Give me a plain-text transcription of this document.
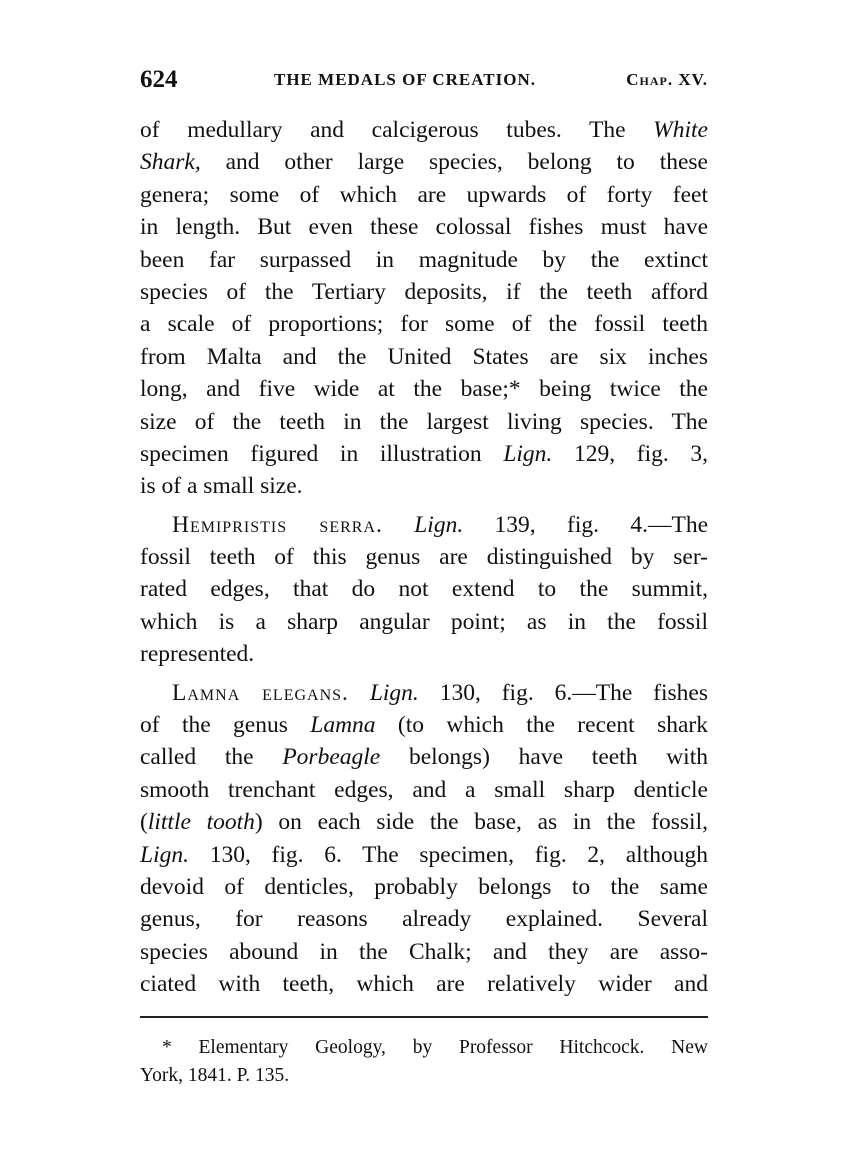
624	THE MEDALS OF CREATION.	Chap. XV.
of medullary and calcigerous tubes. The White
Shark, and other large species, belong to these
genera; some of which are upwards of forty feet
in length. But even these colossal fishes must have
been far surpassed in magnitude by the extinct
species of the Tertiary deposits, if the teeth afford
a scale of proportions; for some of the fossil teeth
from Malta and the United States are six inches
long, and five wide at the base;* being twice the
size of the teeth in the largest living species. The
specimen figured in illustration Lign. 129, fig. 3,
is of a small size.
Hemipristis serra. Lign. 139, fig. 4.—The
fossil teeth of this genus are distinguished by ser-
rated edges, that do not extend to the summit,
which is a sharp angular point; as in the fossil
represented.
Lamna elegans. Lign. 130, fig. 6.—The fishes
of the genus Lamna (to which the recent shark
called the Porbeagle belongs) have teeth with
smooth trenchant edges, and a small sharp denticle
(little tooth) on each side the base, as in the fossil,
Lign. 130, fig. 6. The specimen, fig. 2, although
devoid of denticles, probably belongs to the same
genus, for reasons already explained. Several
species abound in the Chalk; and they are asso-
ciated with teeth, which are relatively wider and
* Elementary Geology, by Professor Hitchcock. New
York, 1841. P. 135.
